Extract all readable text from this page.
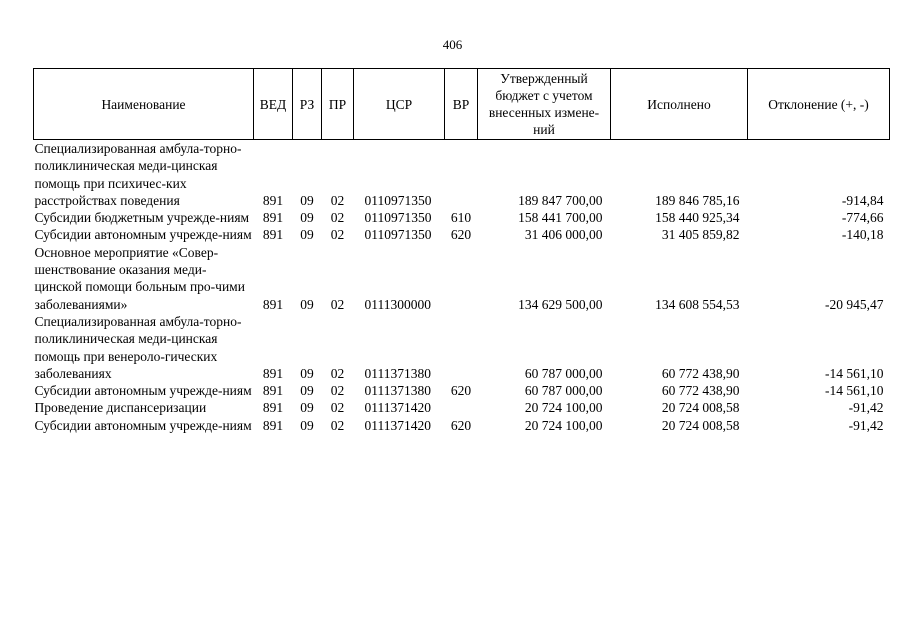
406
Наименование	ВЕД	РЗ	ПР	ЦСР	ВР	Утвержденный бюджет с учетом внесенных измене-ний	Исполнено	Отклонение (+, -)
Специализированная амбула-торно-поликлиническая меди-цинская помощь при психичес-ких расстройствах поведения	891	09	02	0110971350		189 847 700,00	189 846 785,16	-914,84
Субсидии бюджетным учрежде-ниям	891	09	02	0110971350	610	158 441 700,00	158 440 925,34	-774,66
Субсидии автономным учрежде-ниям	891	09	02	0110971350	620	31 406 000,00	31 405 859,82	-140,18
Основное мероприятие «Совер-шенствование оказания меди-цинской помощи больным про-чими заболеваниями»	891	09	02	0111300000		134 629 500,00	134 608 554,53	-20 945,47
Специализированная амбула-торно-поликлиническая меди-цинская помощь при венероло-гических заболеваниях	891	09	02	0111371380		60 787 000,00	60 772 438,90	-14 561,10
Субсидии автономным учрежде-ниям	891	09	02	0111371380	620	60 787 000,00	60 772 438,90	-14 561,10
Проведение диспансеризации	891	09	02	0111371420		20 724 100,00	20 724 008,58	-91,42
Субсидии автономным учрежде-ниям	891	09	02	0111371420	620	20 724 100,00	20 724 008,58	-91,42
